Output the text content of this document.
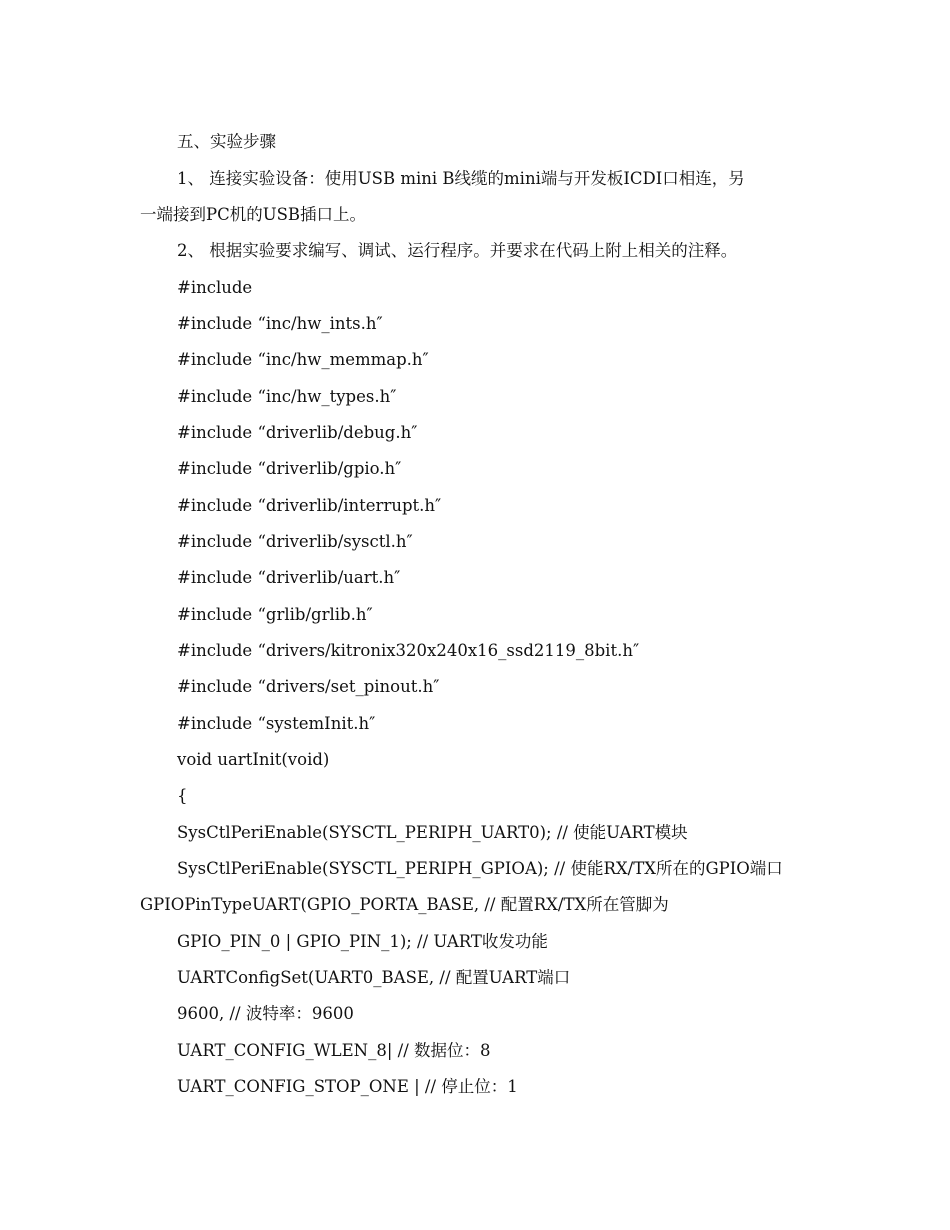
五、实验步骤
1、 连接实验设备：使用USB mini B线缆的mini端与开发板ICDI口相连，另
一端接到PC机的USB插口上。
2、 根据实验要求编写、调试、运行程序。并要求在代码上附上相关的注释。
#include
#include “inc/hw_ints.h″
#include “inc/hw_memmap.h″
#include “inc/hw_types.h″
#include “driverlib/debug.h″
#include “driverlib/gpio.h″
#include “driverlib/interrupt.h″
#include “driverlib/sysctl.h″
#include “driverlib/uart.h″
#include “grlib/grlib.h″
#include “drivers/kitronix320x240x16_ssd2119_8bit.h″
#include “drivers/set_pinout.h″
#include “systemInit.h″
void uartInit(void)
{
SysCtlPeriEnable(SYSCTL_PERIPH_UART0); // 使能UART模块
SysCtlPeriEnable(SYSCTL_PERIPH_GPIOA); // 使能RX/TX所在的GPIO端口
GPIOPinTypeUART(GPIO_PORTA_BASE, // 配置RX/TX所在管脚为
GPIO_PIN_0 | GPIO_PIN_1); // UART收发功能
UARTConfigSet(UART0_BASE, // 配置UART端口
9600, // 波特率：9600
UART_CONFIG_WLEN_8| // 数据位：8
UART_CONFIG_STOP_ONE | // 停止位：1
